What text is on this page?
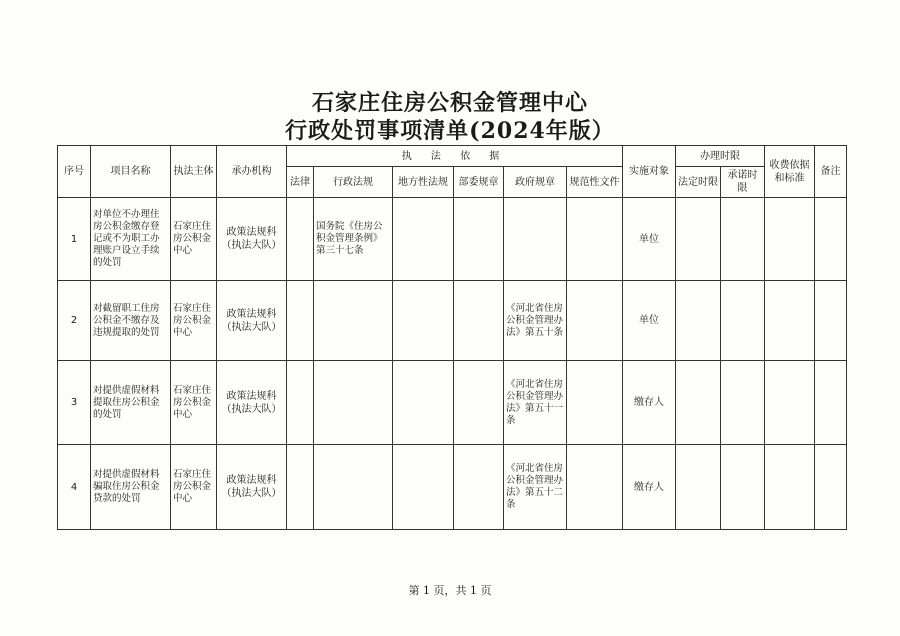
石家庄住房公积金管理中心
行政处罚事项清单(2024年版）
序号	项目名称	执法主体	承办机构	执 法 依 据						实施对象	办理时限		收费依据和标准	备注
				法律	行政法规	地方性法规	部委规章	政府规章	规范性文件		法定时限	承诺时限		
1	对单位不办理住房公积金缴存登记或不为职工办理账户设立手续的处罚	石家庄住房公积金中心	政策法规科（执法大队）		国务院《住房公积金管理条例》第三十七条					单位				
2	对截留职工住房公积金不缴存及违规提取的处罚	石家庄住房公积金中心	政策法规科（执法大队）					《河北省住房公积金管理办法》第五十条		单位				
3	对提供虚假材料提取住房公积金的处罚	石家庄住房公积金中心	政策法规科（执法大队）					《河北省住房公积金管理办法》第五十一条		缴存人				
4	对提供虚假材料骗取住房公积金贷款的处罚	石家庄住房公积金中心	政策法规科（执法大队）					《河北省住房公积金管理办法》第五十二条		缴存人				
第 1 页，共 1 页
